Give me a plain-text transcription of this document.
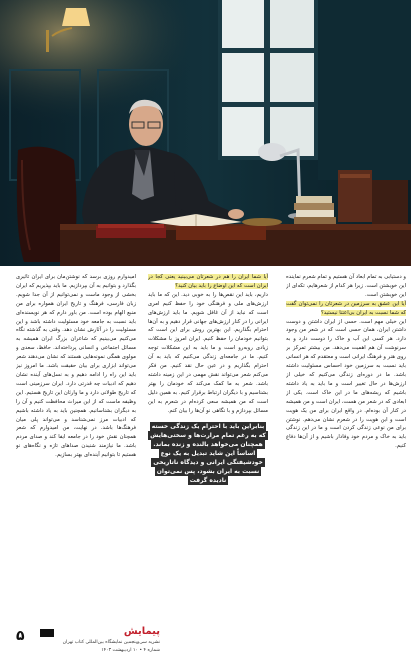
و دستیابی به تمام ابعاد آن هستیم و تمام شعرم نماینده این خویشتن است. زیرا هر کدام از شعرهایم، تکه‌ای از این خویشتن است.

آیا این عشق به سرزمین در شعرتان را نمی‌توان گفت که شما نسبت به ایران بی‌اعتنا نیستید؟

این خیلی مهم است. حسی از ایران داشتن و دوست داشتن ایران، همان حسی است که در شعر من وجود دارد. هر کسی این آب و خاک را دوست دارد و به سرنوشت آن هم اهمیت می‌دهد. من بیشتر تمرکز بر روی هنر و فرهنگ ایرانی است و معتقدم که هر انسانی باید نسبت به سرزمین خود احساس مسئولیت داشته باشد. ما در دوره‌ای زندگی می‌کنیم که خیلی از ارزش‌ها در حال تغییر است و ما باید به یاد داشته باشیم که ریشه‌های ما در این خاک است. یکی از ابعادی که در شعر من هست، ایران است و من همیشه در کنار آن بوده‌ام. در واقع ایران برای من یک هویت است و این هویت را در شعرم نشان می‌دهم. نوشتن برای من نوعی زندگی کردن است و ما در این زندگی باید به خاک و مردم خود وفادار باشیم و از آن‌ها دفاع کنیم.

آیا شما ایران را هم در شعرتان می‌بینید یعنی کجا در ایران است که این اوضاع را باید بیان کنید؟

داریم، باید این نقص‌ها را به خوبی دید. این که ما باید ارزش‌های ملی و فرهنگی خود را حفظ کنیم امری است که نباید از آن غافل شویم. ما باید ارزش‌های ایرانی را در کنار ارزش‌های جهانی قرار دهیم و به آن‌ها احترام بگذاریم. این بهترین روش برای این است که بتوانیم خودمان را حفظ کنیم. ایران امروز با مشکلات زیادی روبه‌رو است و ما باید به این مشکلات توجه کنیم. ما در جامعه‌ای زندگی می‌کنیم که باید به آن احترام بگذاریم و در عین حال نقد کنیم. من فکر می‌کنم شعر می‌تواند نقش مهمی در این زمینه داشته باشد. شعر به ما کمک می‌کند که خودمان را بهتر بشناسیم و با دیگران ارتباط برقرار کنیم. به همین دلیل است که من همیشه سعی کرده‌ام در شعرم به این مسائل بپردازم و با نگاهی نو آن‌ها را بیان کنم.

بنابراین باید با احترام یک زندگی خسته که به رغم تمام مرارت‌ها و سختی‌هایش همچنان می‌خواهد بالنده و زنده بماند. اساساً این شاید تبدیل به یک نوع خودشیفتگی ایرانی و دیدگاه ناتاریخی نسبت به ایران بشود، پس نمی‌توان نادیده گرفت

امیدوارم روزی برسد که نوشتن‌مان برای ایران تاثیری بگذارد و بتوانیم به آن بپردازیم. ما باید بپذیریم که ایران بخشی از وجود ماست و نمی‌توانیم از آن جدا شویم. زبان فارسی، فرهنگ و تاریخ ایران همواره برای من منبع الهام بوده است. من باور دارم که هر نویسنده‌ای باید نسبت به جامعه خود مسئولیت داشته باشد و این مسئولیت را در آثارش نشان دهد. وقتی به گذشته نگاه می‌کنیم می‌بینیم که شاعران بزرگ ایران همیشه به مسائل اجتماعی و انسانی پرداخته‌اند. حافظ، سعدی و مولوی همگی نمونه‌هایی هستند که نشان می‌دهند شعر می‌تواند ابزاری برای بیان حقیقت باشد. ما امروز نیز باید این راه را ادامه دهیم و به نسل‌های آینده نشان دهیم که ادبیات چه قدرتی دارد. ایران سرزمینی است که تاریخ طولانی دارد و ما وارثان این تاریخ هستیم. این وظیفه ماست که از این میراث محافظت کنیم و آن را به دیگران بشناسانیم. همچنین باید به یاد داشته باشیم که ادبیات مرز نمی‌شناسد و می‌تواند پلی میان فرهنگ‌ها باشد. در نهایت، من امیدوارم که شعر همچنان نقش خود را در جامعه ایفا کند و صدای مردم باشد. ما نیازمند شنیدن صداهای تازه و نگاه‌های نو هستیم تا بتوانیم آینده‌ای بهتر بسازیم.

۵	پیمایش
نشریه سی‌وپنجمین نمایشگاه بین‌المللی کتاب تهران
شماره ۴ • ۱۰ اردیبهشت ۱۴۰۳
